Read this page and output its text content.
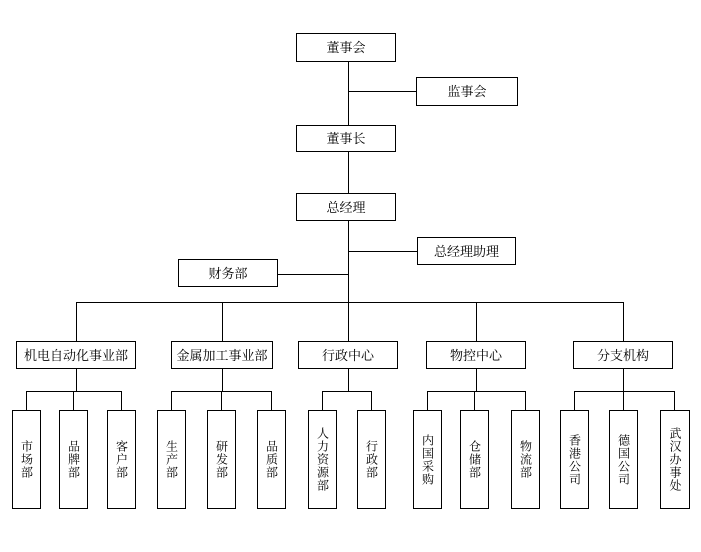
董事会
监事会
董事长
总经理
总经理助理
财务部
机电自动化事业部	金属加工事业部	行政中心	物控中心	分支机构
市场部	品牌部	客户部	生产部	研发部	品质部	人力资源部	行政部	内国采购	仓储部	物流部	香港公司	德国公司	武汉办事处
